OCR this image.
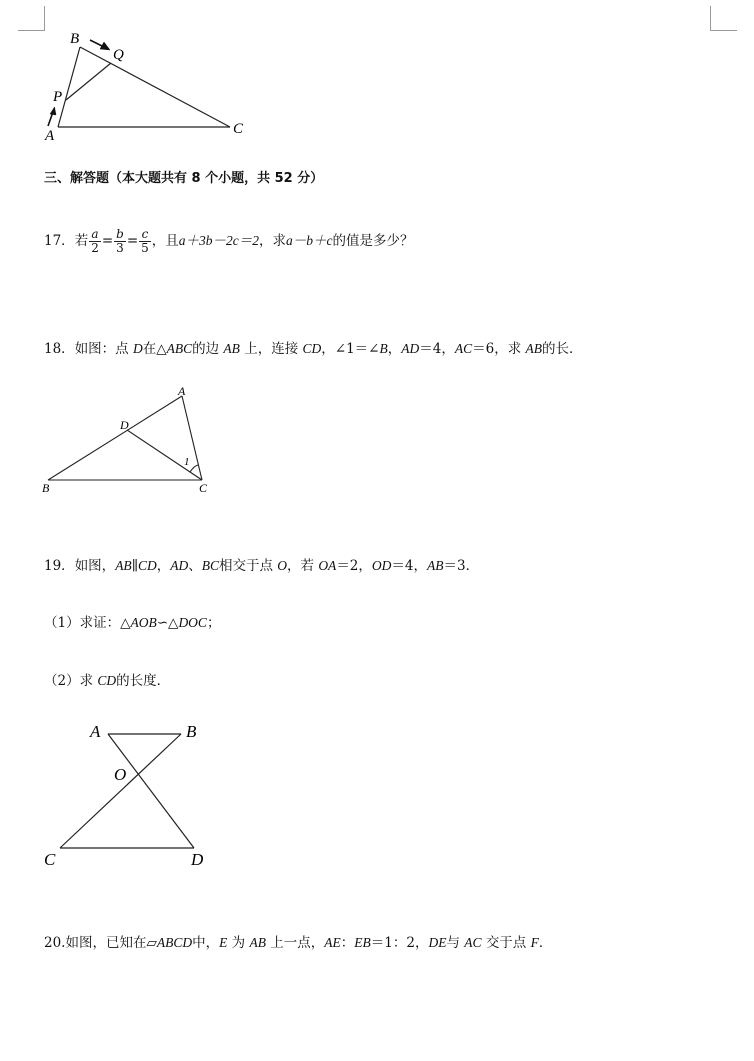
B
Q
P
A	C
三、解答题（本大题共有 8 个小题，共 52 分）
17．若 $\frac{a}{2} = \frac{b}{3} = \frac{c}{5}$ ，且a＋3b－2c＝2，求a－b＋c的值是多少？
18．如图：点 D在△ABC的边 AB 上，连接 CD，∠1＝∠B，AD＝4，AC＝6，求 AB的长．
A
D
1
B	C
19．如图，AB∥CD，AD、BC相交于点 O，若 OA＝2，OD＝4，AB＝3．
（1）求证：△AOB∽△DOC；
（2）求 CD的长度．
A	B
O
C	D
20.如图，已知在▱ABCD中，E 为 AB 上一点，AE：EB＝1：2，DE与 AC 交于点 F．
